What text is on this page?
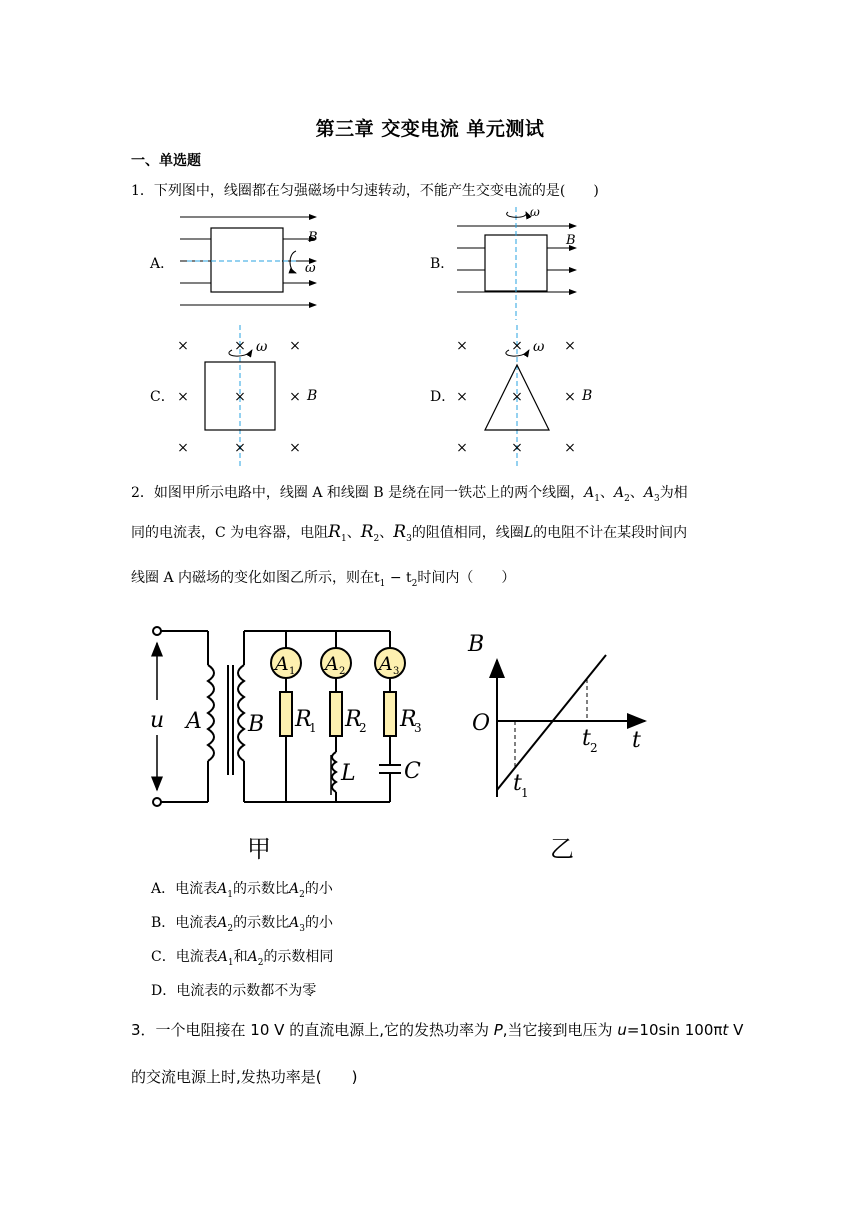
第三章 交变电流 单元测试
一、单选题
1．下列图中，线圈都在匀强磁场中匀速转动，不能产生交变电流的是(　　)
A．
B
ω	B．
ω
B
C．
ω
B
×	×	×
×	×	×
×	×	×
D．
ω
B
×	×	×
×	×	×
×	×	×
2．如图甲所示电路中，线圈 A 和线圈 B 是绕在同一铁芯上的两个线圈，$A_1$、$A_2$、$A_3$为相
同的电流表，C 为电容器，电阻$R_1$、$R_2$、$R_3$的阻值相同，线圈L的电阻不计在某段时间内
线圈 A 内磁场的变化如图乙所示，则在$t_1 - t_2$时间内（　　）
u A B
L C
A 1 A 2 A 3
R
1 R
2 R
3
甲
B
O
t
t 1
t 2
乙
A．电流表$A_1$的示数比$A_2$的小
B．电流表$A_2$的示数比$A_3$的小
C．电流表$A_1$和$A_2$的示数相同
D．电流表的示数都不为零
3．一个电阻接在 10 V 的直流电源上,它的发热功率为 P,当它接到电压为 u=10sin 100πt V
的交流电源上时,发热功率是(　　)
